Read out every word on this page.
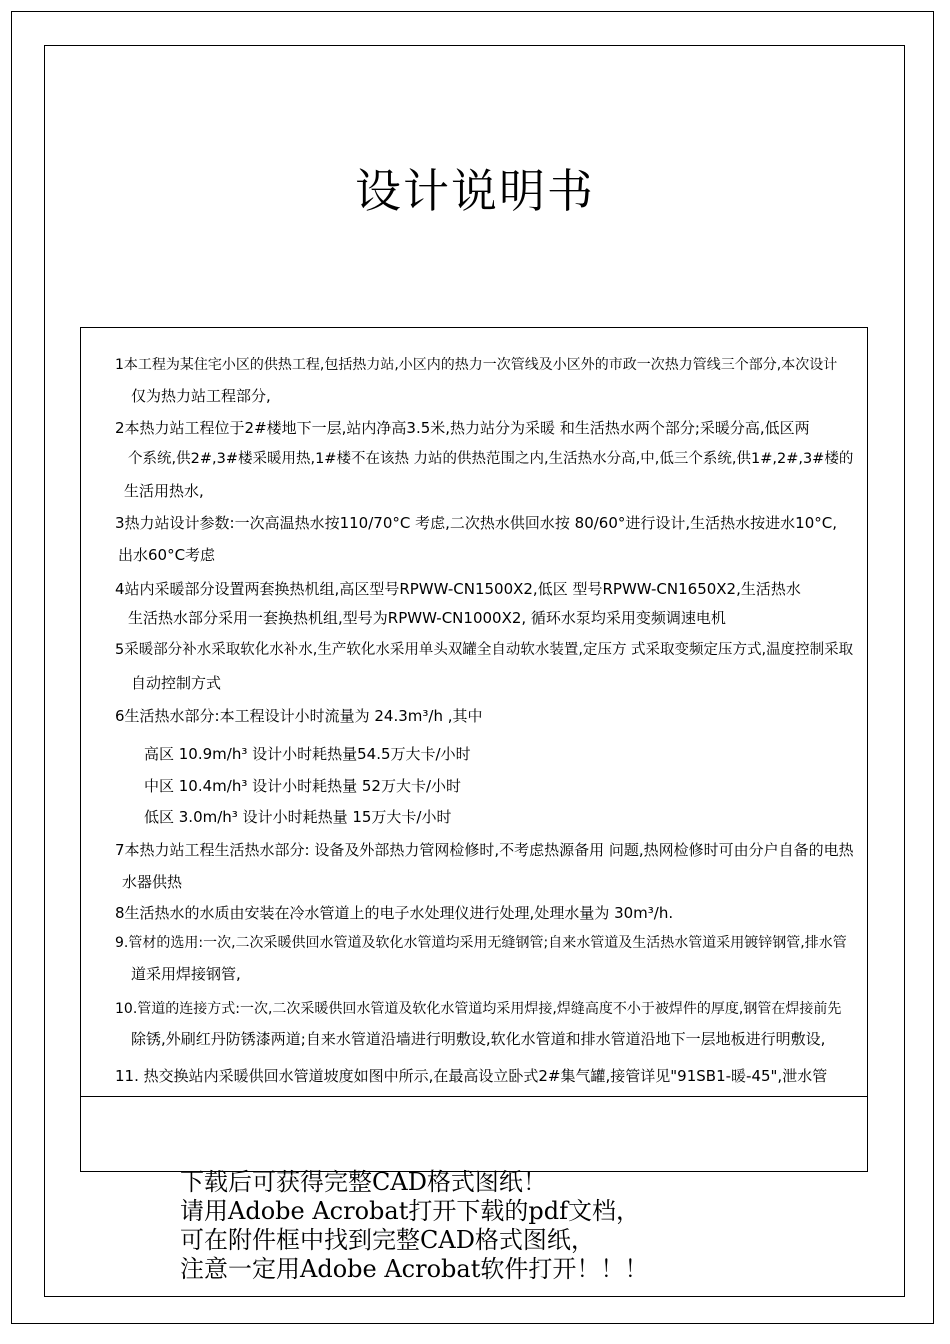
设计说明书
1本工程为某住宅小区的供热工程,包括热力站,小区内的热力一次管线及小区外的市政一次热力管线三个部分,本次设计
仅为热力站工程部分,
2本热力站工程位于2#楼地下一层,站内净高3.5米,热力站分为采暖 和生活热水两个部分;采暖分高,低区两
个系统,供2#,3#楼采暖用热,1#楼不在该热 力站的供热范围之内,生活热水分高,中,低三个系统,供1#,2#,3#楼的
生活用热水,
3热力站设计参数:一次高温热水按110/70°C 考虑,二次热水供回水按 80/60°进行设计,生活热水按进水10°C,
出水60°C考虑
4站内采暖部分设置两套换热机组,高区型号RPWW-CN1500X2,低区 型号RPWW-CN1650X2,生活热水
生活热水部分采用一套换热机组,型号为RPWW-CN1000X2, 循环水泵均采用变频调速电机
5采暖部分补水采取软化水补水,生产软化水采用单头双罐全自动软水装置,定压方 式采取变频定压方式,温度控制采取
自动控制方式
6生活热水部分:本工程设计小时流量为 24.3m³/h ,其中
高区 10.9m/h³ 设计小时耗热量54.5万大卡/小时
中区 10.4m/h³ 设计小时耗热量 52万大卡/小时
低区 3.0m/h³ 设计小时耗热量 15万大卡/小时
7本热力站工程生活热水部分: 设备及外部热力管网检修时,不考虑热源备用 问题,热网检修时可由分户自备的电热
水器供热
8生活热水的水质由安装在冷水管道上的电子水处理仪进行处理,处理水量为 30m³/h.
9.管材的选用:一次,二次采暖供回水管道及软化水管道均采用无缝钢管;自来水管道及生活热水管道采用镀锌钢管,排水管
道采用焊接钢管,
10.管道的连接方式:一次,二次采暖供回水管道及软化水管道均采用焊接,焊缝高度不小于被焊件的厚度,钢管在焊接前先
除锈,外刷红丹防锈漆两道;自来水管道沿墙进行明敷设,软化水管道和排水管道沿地下一层地板进行明敷设,
11. 热交换站内采暖供回水管道坡度如图中所示,在最高设立卧式2#集气罐,接管详见"91SB1-暖-45",泄水管
下载后可获得完整CAD格式图纸！
请用Adobe Acrobat打开下载的pdf文档，
可在附件框中找到完整CAD格式图纸，
注意一定用Adobe Acrobat软件打开！！！
